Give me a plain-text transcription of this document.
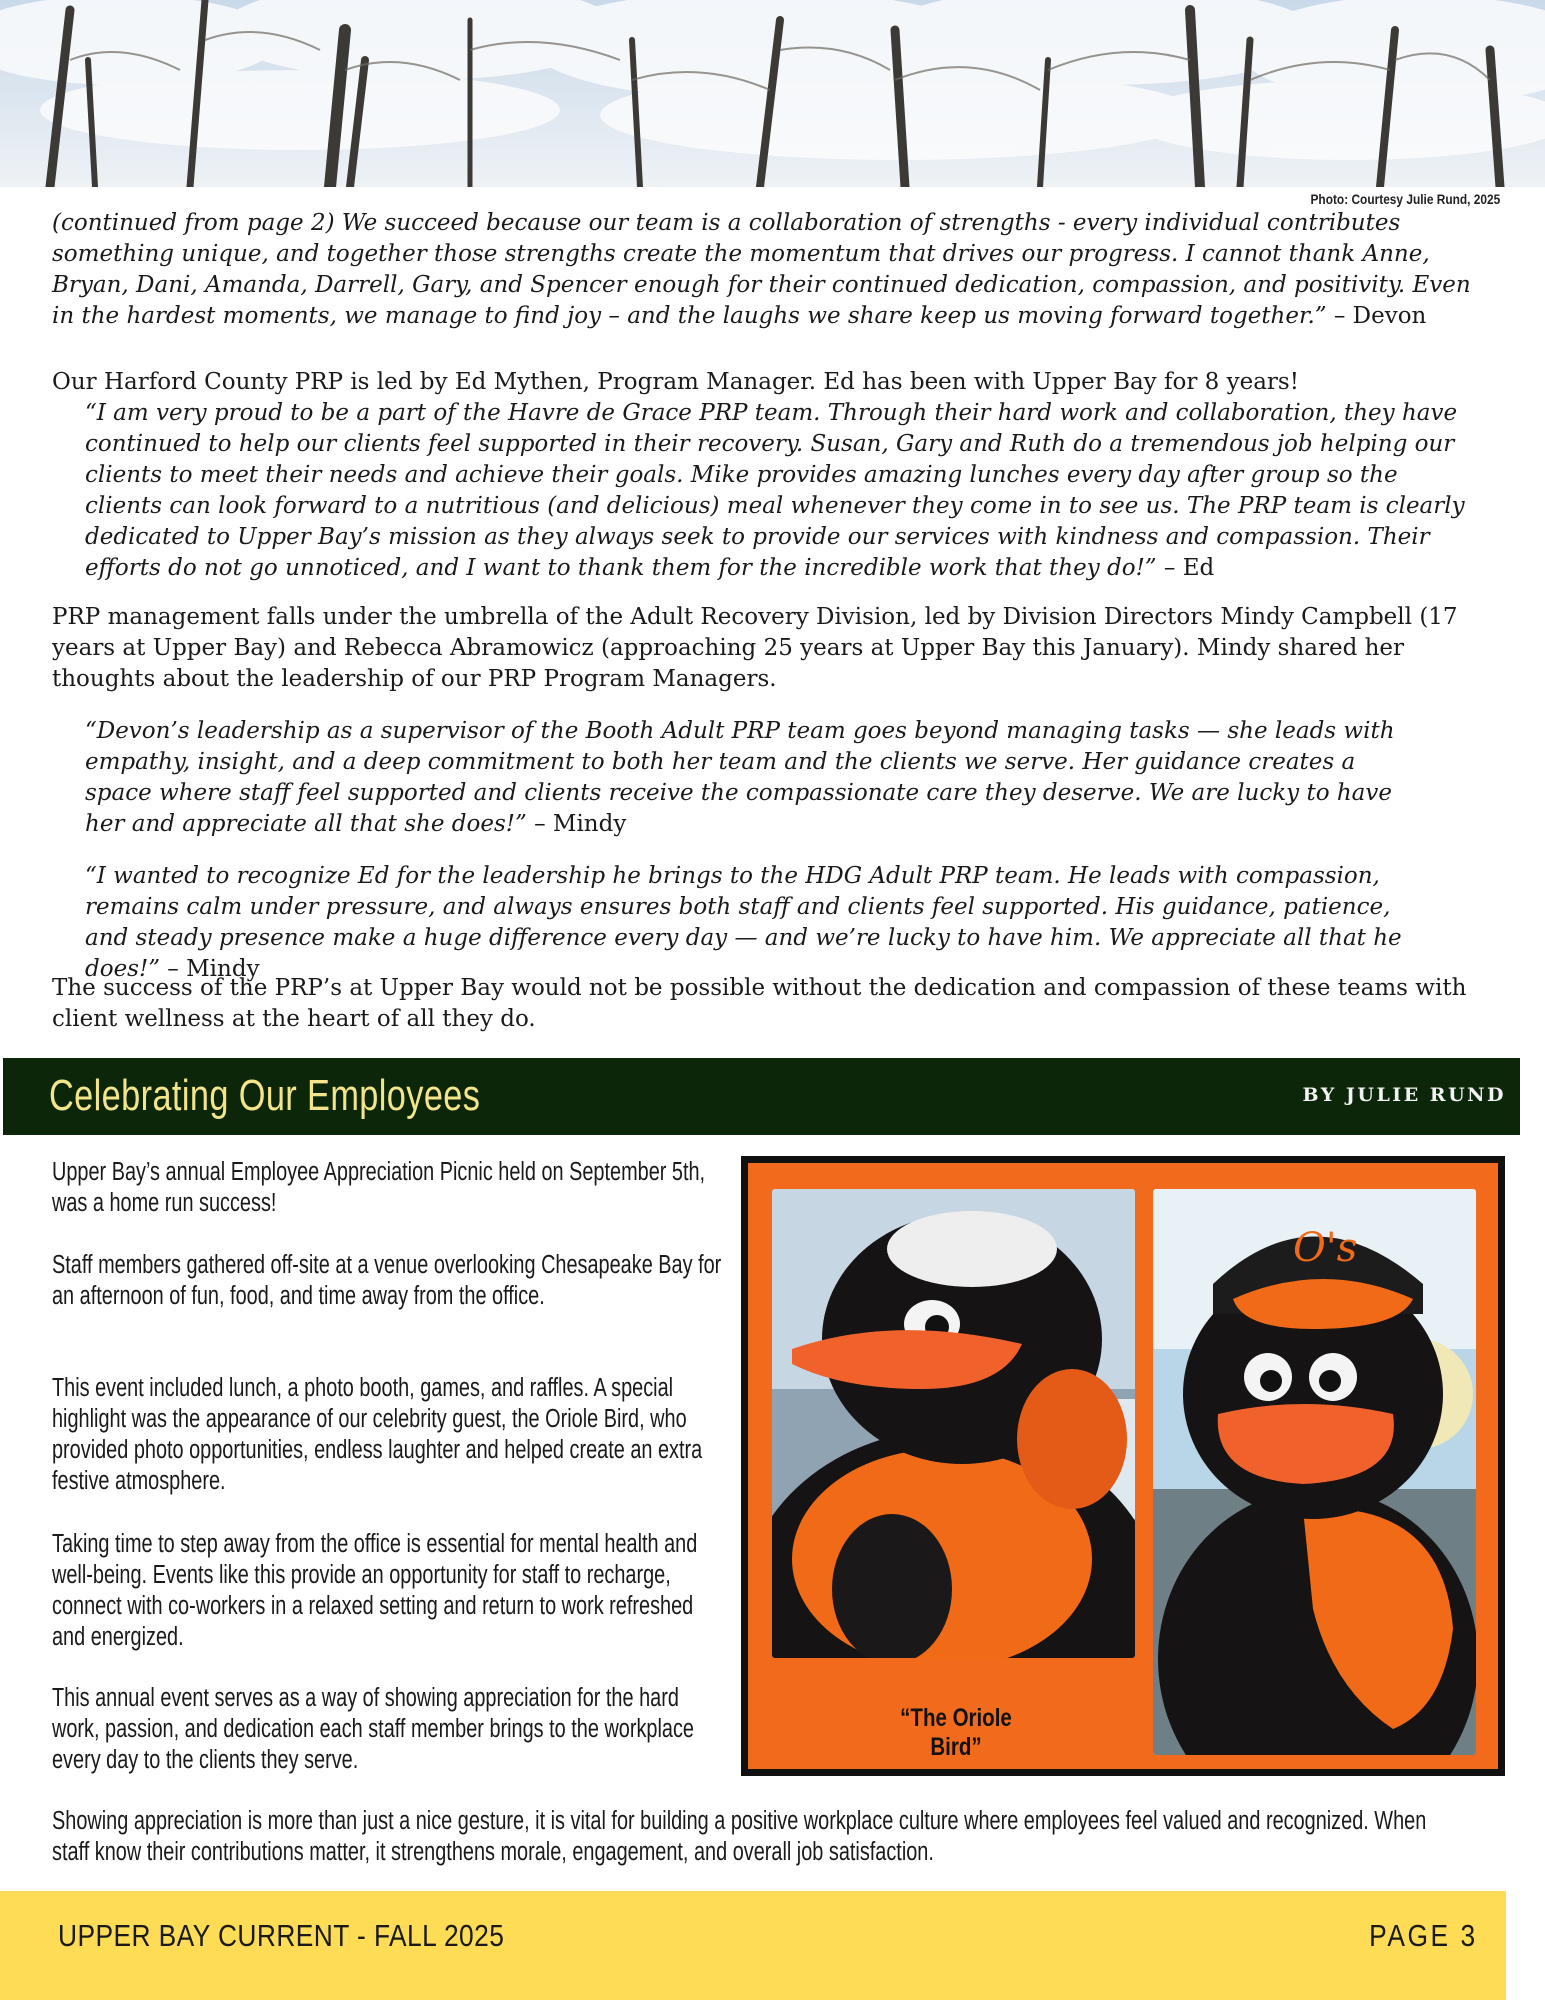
Photo: Courtesy Julie Rund, 2025
(continued from page 2) We succeed because our team is a collaboration of strengths - every individual contributes something unique, and together those strengths create the momentum that drives our progress. I cannot thank Anne, Bryan, Dani, Amanda, Darrell, Gary, and Spencer enough for their continued dedication, compassion, and positivity. Even in the hardest moments, we manage to find joy – and the laughs we share keep us moving forward together.” – Devon
Our Harford County PRP is led by Ed Mythen, Program Manager. Ed has been with Upper Bay for 8 years!
“I am very proud to be a part of the Havre de Grace PRP team. Through their hard work and collaboration, they have continued to help our clients feel supported in their recovery. Susan, Gary and Ruth do a tremendous job helping our clients to meet their needs and achieve their goals. Mike provides amazing lunches every day after group so the clients can look forward to a nutritious (and delicious) meal whenever they come in to see us. The PRP team is clearly dedicated to Upper Bay’s mission as they always seek to provide our services with kindness and compassion. Their efforts do not go unnoticed, and I want to thank them for the incredible work that they do!” – Ed
PRP management falls under the umbrella of the Adult Recovery Division, led by Division Directors Mindy Campbell (17 years at Upper Bay) and Rebecca Abramowicz (approaching 25 years at Upper Bay this January). Mindy shared her thoughts about the leadership of our PRP Program Managers.
“Devon’s leadership as a supervisor of the Booth Adult PRP team goes beyond managing tasks — she leads with empathy, insight, and a deep commitment to both her team and the clients we serve. Her guidance creates a space where staff feel supported and clients receive the compassionate care they deserve. We are lucky to have her and appreciate all that she does!” – Mindy
“I wanted to recognize Ed for the leadership he brings to the HDG Adult PRP team. He leads with compassion, remains calm under pressure, and always ensures both staff and clients feel supported. His guidance, patience, and steady presence make a huge difference every day — and we’re lucky to have him. We appreciate all that he does!” – Mindy
The success of the PRP’s at Upper Bay would not be possible without the dedication and compassion of these teams with client wellness at the heart of all they do.
Celebrating Our Employees	BY JULIE RUND
Upper Bay’s annual Employee Appreciation Picnic held on September 5th, was a home run success!
Staff members gathered off-site at a venue overlooking Chesapeake Bay for an afternoon of fun, food, and time away from the office.
This event included lunch, a photo booth, games, and raffles. A special highlight was the appearance of our celebrity guest, the Oriole Bird, who provided photo opportunities, endless laughter and helped create an extra festive atmosphere.
Taking time to step away from the office is essential for mental health and well-being. Events like this provide an opportunity for staff to recharge, connect with co-workers in a relaxed setting and return to work refreshed and energized.
This annual event serves as a way of showing appreciation for the hard work, passion, and dedication each staff member brings to the workplace every day to the clients they serve.
O's
“The Oriole Bird”
Showing appreciation is more than just a nice gesture, it is vital for building a positive workplace culture where employees feel valued and recognized. When staff know their contributions matter, it strengthens morale, engagement, and overall job satisfaction.
UPPER BAY CURRENT - FALL 2025	PAGE 3
